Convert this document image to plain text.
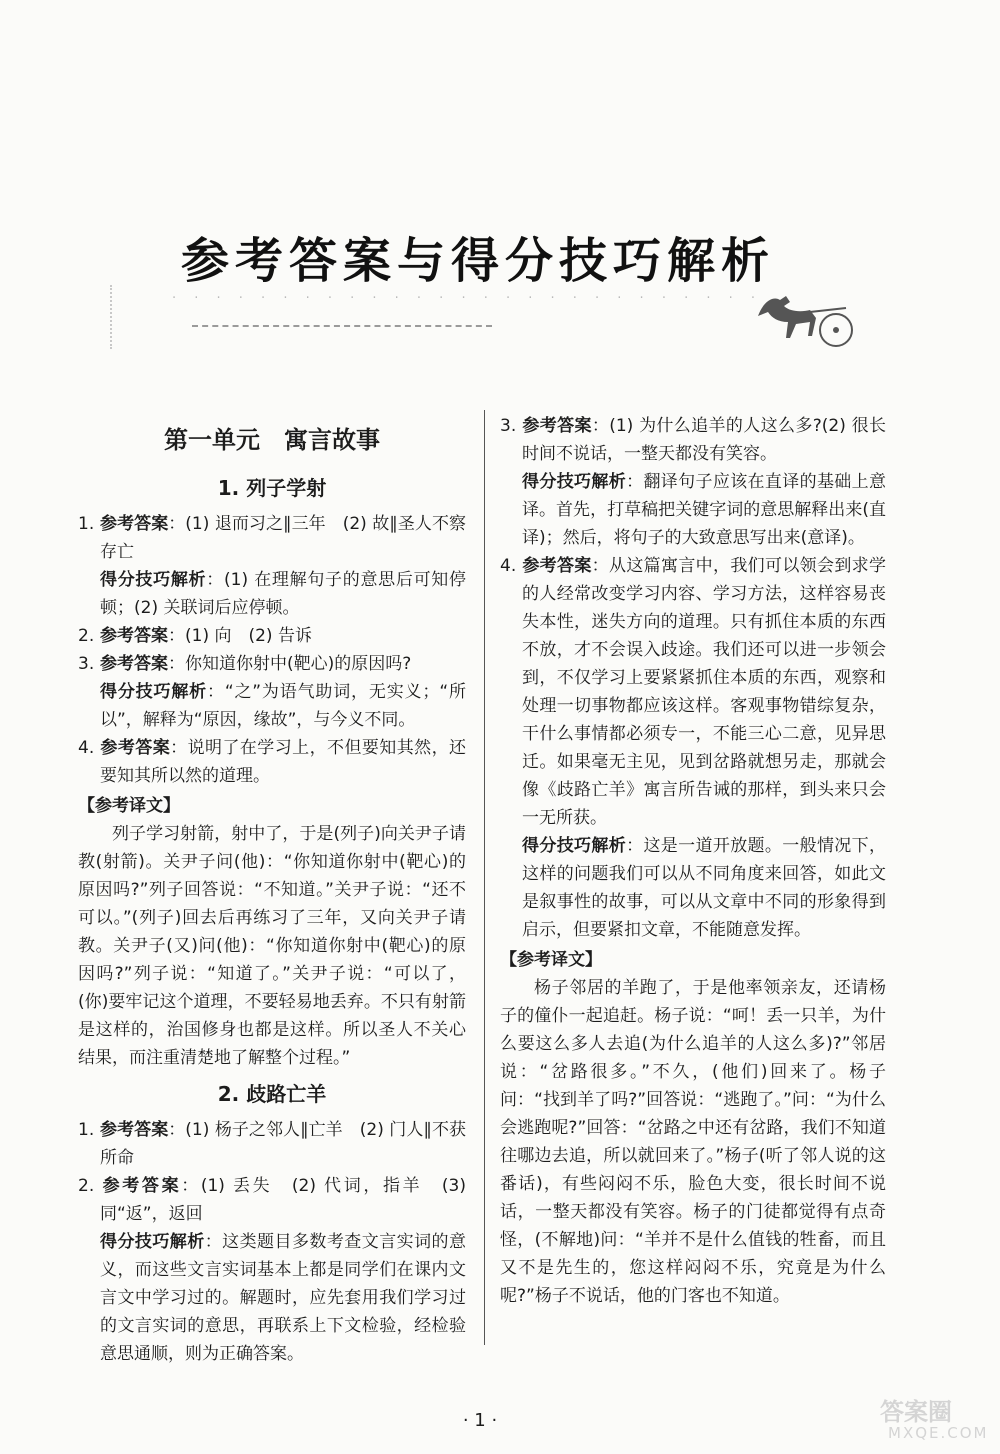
参考答案与得分技巧解析
· · · · · · · · · · · · · · · · · · · · · · · · · · ·
第一单元　寓言故事
1. 列子学射
1. 参考答案：(1) 退而习之∥三年　(2) 故∥圣人不察存亡
得分技巧解析：(1) 在理解句子的意思后可知停顿；(2) 关联词后应停顿。
2. 参考答案：(1) 向　(2) 告诉
3. 参考答案：你知道你射中(靶心)的原因吗?
得分技巧解析：“之”为语气助词，无实义；“所以”，解释为“原因，缘故”，与今义不同。
4. 参考答案：说明了在学习上，不但要知其然，还要知其所以然的道理。
【参考译文】
列子学习射箭，射中了，于是(列子)向关尹子请教(射箭)。关尹子问(他)：“你知道你射中(靶心)的原因吗?”列子回答说：“不知道。”关尹子说：“还不可以。”(列子)回去后再练习了三年，又向关尹子请教。关尹子(又)问(他)：“你知道你射中(靶心)的原因吗?”列子说：“知道了。”关尹子说：“可以了，(你)要牢记这个道理，不要轻易地丢弃。不只有射箭是这样的，治国修身也都是这样。所以圣人不关心结果，而注重清楚地了解整个过程。”
2. 歧路亡羊
1. 参考答案：(1) 杨子之邻人∥亡羊　(2) 门人∥不获所命
2. 参考答案：(1) 丢失　(2) 代词，指羊　(3) 同“返”，返回
得分技巧解析：这类题目多数考查文言实词的意义，而这些文言实词基本上都是同学们在课内文言文中学习过的。解题时，应先套用我们学习过的文言实词的意思，再联系上下文检验，经检验意思通顺，则为正确答案。
3. 参考答案：(1) 为什么追羊的人这么多?(2) 很长时间不说话，一整天都没有笑容。
得分技巧解析：翻译句子应该在直译的基础上意译。首先，打草稿把关键字词的意思解释出来(直译)；然后，将句子的大致意思写出来(意译)。
4. 参考答案：从这篇寓言中，我们可以领会到求学的人经常改变学习内容、学习方法，这样容易丧失本性，迷失方向的道理。只有抓住本质的东西不放，才不会误入歧途。我们还可以进一步领会到，不仅学习上要紧紧抓住本质的东西，观察和处理一切事物都应该这样。客观事物错综复杂，干什么事情都必须专一，不能三心二意，见异思迁。如果毫无主见，见到岔路就想另走，那就会像《歧路亡羊》寓言所告诫的那样，到头来只会一无所获。
得分技巧解析：这是一道开放题。一般情况下，这样的问题我们可以从不同角度来回答，如此文是叙事性的故事，可以从文章中不同的形象得到启示，但要紧扣文章，不能随意发挥。
【参考译文】
杨子邻居的羊跑了，于是他率领亲友，还请杨子的僮仆一起追赶。杨子说：“呵！丢一只羊，为什么要这么多人去追(为什么追羊的人这么多)?”邻居说：“岔路很多。”不久，(他们)回来了。杨子问：“找到羊了吗?”回答说：“逃跑了。”问：“为什么会逃跑呢?”回答：“岔路之中还有岔路，我们不知道往哪边去追，所以就回来了。”杨子(听了邻人说的这番话)，有些闷闷不乐，脸色大变，很长时间不说话，一整天都没有笑容。杨子的门徒都觉得有点奇怪，(不解地)问：“羊并不是什么值钱的牲畜，而且又不是先生的，您这样闷闷不乐，究竟是为什么呢?”杨子不说话，他的门客也不知道。
· 1 ·	答案圈
MXQE.COM
